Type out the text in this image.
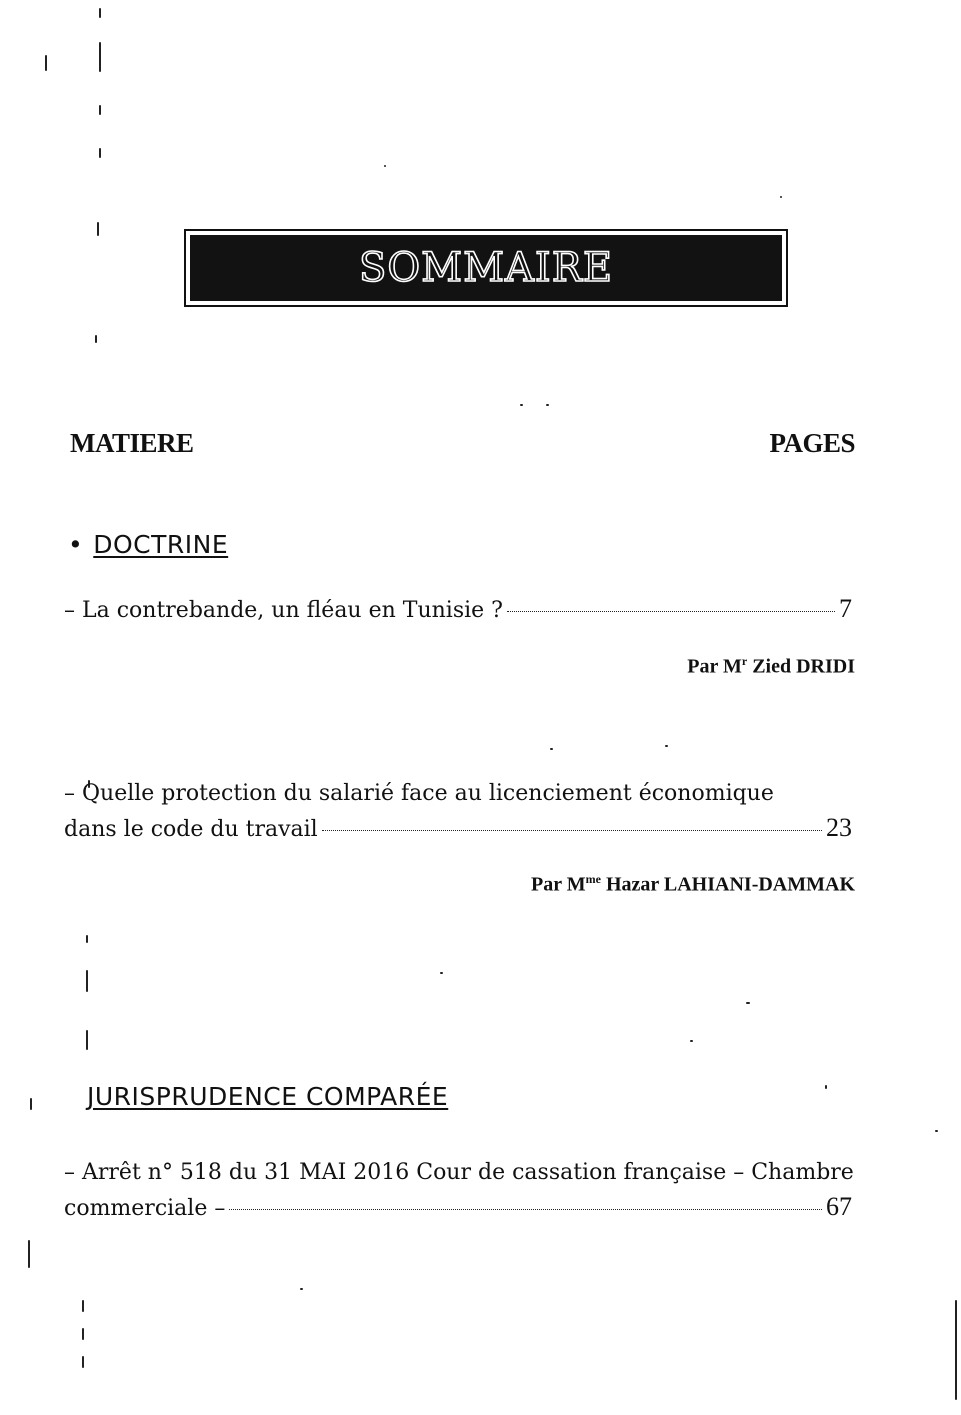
SOMMAIRE
MATIERE	PAGES
• DOCTRINE
–
La contrebande, un fléau en Tunisie ?	7
Par $M^r$ Zied DRIDI
–
Quelle protection du salarié face au licenciement économique
dans le code du travail	23
Par $M^{me}$ Hazar LAHIANI-DAMMAK
JURISPRUDENCE COMPARÉE
–
Arrêt n° 518 du 31 MAI 2016 Cour de cassation française – Chambre
commerciale –	67
